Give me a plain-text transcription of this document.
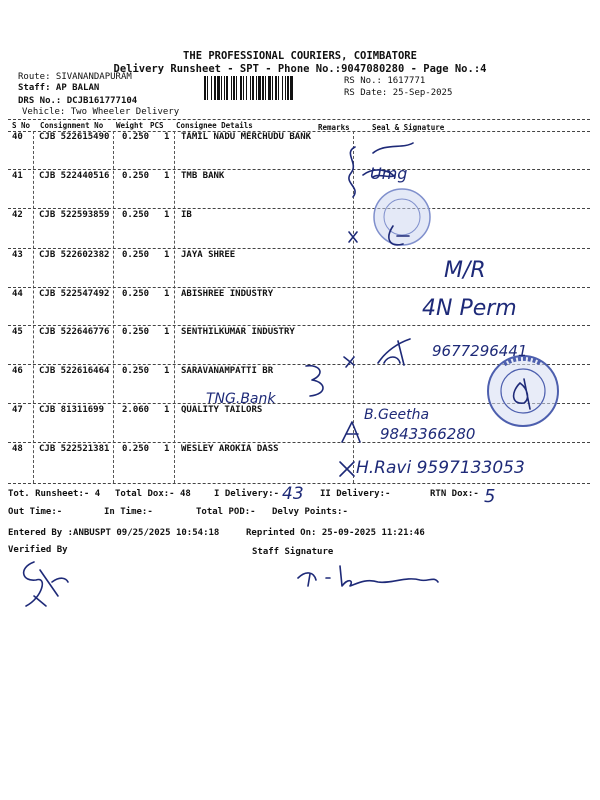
THE PROFESSIONAL COURIERS, COIMBATORE
Delivery Runsheet - SPT - Phone No.:9047080280 - Page No.:4
Route: SIVANANDAPURAM
Staff: AP BALAN
DRS No.: DCJB161777104
Vehicle: Two Wheeler Delivery
RS No.: 1617771
RS Date: 25-Sep-2025
S No Consignment No Weight PCS Consignee Details	Remarks	Seal & Signature
40 CJB 522615490 0.250 1 TAMIL NADU MERCHUDU BANK
41 CJB 522440516 0.250 1 TMB BANK
42 CJB 522593859 0.250 1 IB
43 CJB 522602382 0.250 1 JAYA SHREE
44 CJB 522547492 0.250 1 ABISHREE INDUSTRY
45 CJB 522646776 0.250 1 SENTHILKUMAR INDUSTRY
46 CJB 522616464 0.250 1 SARAVANAMPATTI BR
47 CJB 81311699 2.060 1 QUALITY TAILORS
48 CJB 522521381 0.250 1 WESLEY AROKIA DASS
Umg
M/R
4N Perm
9677296441
TNG.Bank
B.Geetha
9843366280
H.Ravi 9597133053
Tot. Runsheet:- 4 Total Dox:- 48	I Delivery:- 43 II Delivery:-	RTN Dox:- 5
Out Time:-	In Time:-	Total POD:- Delvy Points:-
Entered By :ANBUSPT 09/25/2025 10:54:18	Reprinted On: 25-09-2025 11:21:46
Verified By	Staff Signature
